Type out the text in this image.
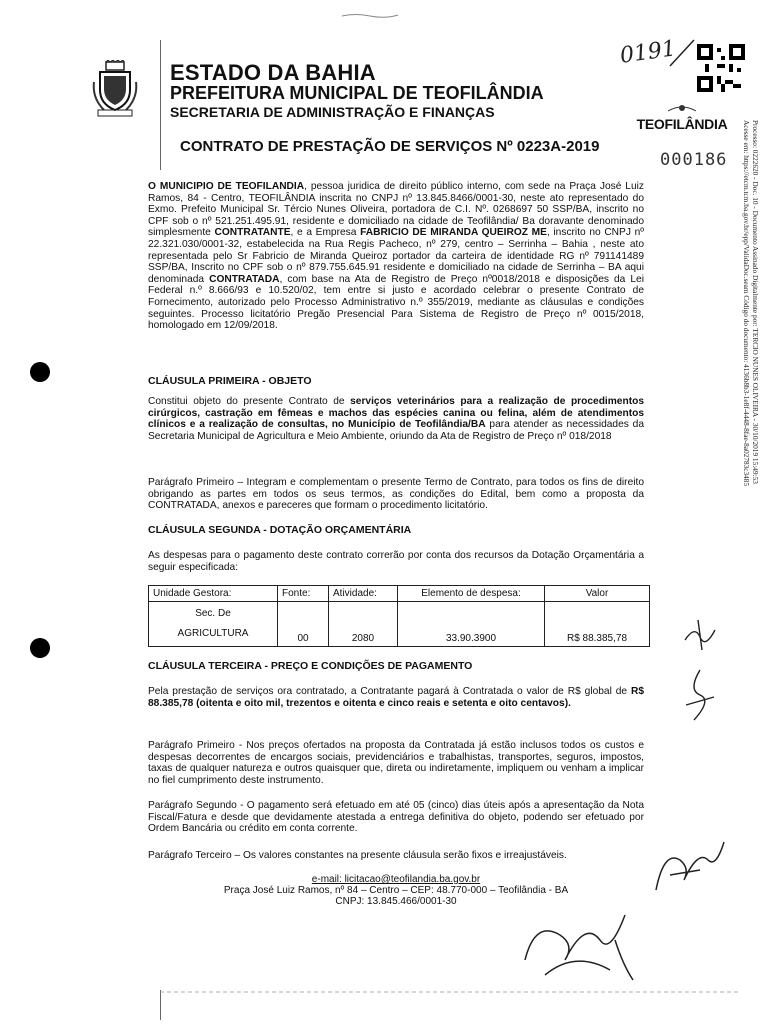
ESTADO DA BAHIA
PREFEITURA MUNICIPAL DE TEOFILÂNDIA
SECRETARIA DE ADMINISTRAÇÃO E FINANÇAS
0191
TEOFILÂNDIA
CONTRATO DE PRESTAÇÃO DE SERVIÇOS Nº 0223A-2019
000186	Processo: 0222620 - Doc. 10 - Documento Assinado Digitalmente por: TERCIO NUNES OLIVEIRA - 30/10/2019 15:49:53
Acesse em: https://etcm.tcm.ba.gov.br/epp/ValidaDoc.seam Código do documento: 4136b8b3-1e8f-4448-8fae-8a02783c3485

O MUNICIPIO DE TEOFILANDIA, pessoa juridica de direito público interno, com sede na Praça José Luiz Ramos, 84 - Centro, TEOFILÂNDIA inscrita no CNPJ nº 13.845.8466/0001-30, neste ato representado do Exmo. Prefeito Municipal Sr. Tércio Nunes Oliveira, portadora de C.I. Nº. 0268697 50 SSP/BA, inscrito no CPF sob o nº 521.251.495.91, residente e domiciliado na cidade de Teofilândia/ Ba doravante denominado simplesmente CONTRATANTE, e a Empresa FABRICIO DE MIRANDA QUEIROZ ME, inscrito no CNPJ nº 22.321.030/0001-32, estabelecida na Rua Regis Pacheco, nº 279, centro – Serrinha – Bahia , neste ato representada pelo Sr Fabricio de Miranda Queiroz portador da carteira de identidade RG nº 791141489 SSP/BA, Inscrito no CPF sob o nº 879.755.645.91 residente e domiciliado na cidade de Serrinha – BA aqui denominada CONTRATADA, com base na Ata de Registro de Preço nº0018/2018 e disposições da Lei Federal n.º 8.666/93 e 10.520/02, tem entre si justo e acordado celebrar o presente Contrato de Fornecimento, autorizado pelo Processo Administrativo n.º 355/2019, mediante as cláusulas e condições seguintes. Processo licitatório Pregão Presencial Para Sistema de Registro de Preço nº 0015/2018, homologado em 12/09/2018.

CLÁUSULA PRIMEIRA - OBJETO

Constitui objeto do presente Contrato de serviços veterinários para a realização de procedimentos cirúrgicos, castração em fêmeas e machos das espécies canina ou felina, além de atendimentos clínicos e a realização de consultas, no Município de Teofilândia/BA para atender as necessidades da Secretaria Municipal de Agricultura e Meio Ambiente, oriundo da Ata de Registro de Preço nº 018/2018

Parágrafo Primeiro – Integram e complementam o presente Termo de Contrato, para todos os fins de direito obrigando as partes em todos os seus termos, as condições do Edital, bem como a proposta da CONTRATADA, anexos e pareceres que formam o procedimento licitatório.

CLÁUSULA SEGUNDA - DOTAÇÃO ORÇAMENTÁRIA

As despesas para o pagamento deste contrato correrão por conta dos recursos da Dotação Orçamentária a seguir especificada:

Unidade Gestora:	Fonte:	Atividade:	Elemento de despesa:	Valor

Sec. De
AGRICULTURA	00	2080	33.90.3900	R$ 88.385,78
CLÁUSULA TERCEIRA - PREÇO E CONDIÇÕES DE PAGAMENTO

Pela prestação de serviços ora contratado, a Contratante pagará à Contratada o valor de R$ global de R$ 88.385,78 (oitenta e oito mil, trezentos e oitenta e cinco reais e setenta e oito centavos).

Parágrafo Primeiro - Nos preços ofertados na proposta da Contratada já estão inclusos todos os custos e despesas decorrentes de encargos sociais, previdenciários e trabalhistas, transportes, seguros, impostos, taxas de qualquer natureza e outros quaisquer que, direta ou indiretamente, impliquem ou venham a implicar no fiel cumprimento deste instrumento.

Parágrafo Segundo - O pagamento será efetuado em até 05 (cinco) dias úteis após a apresentação da Nota Fiscal/Fatura e desde que devidamente atestada a entrega definitiva do objeto, podendo ser efetuado por Ordem Bancária ou crédito em conta corrente.

Parágrafo Terceiro – Os valores constantes na presente cláusula serão fixos e irreajustáveis.

e-mail: licitacao@teofilandia.ba.gov.br
Praça José Luiz Ramos, nº 84 – Centro – CEP: 48.770-000 – Teofilândia - BA
CNPJ: 13.845.466/0001-30
